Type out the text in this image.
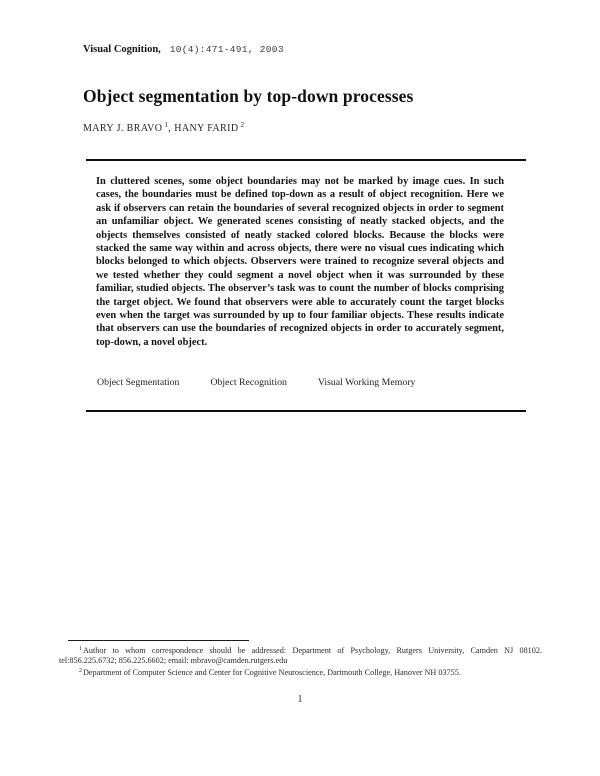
Visual Cognition, 10(4):471-491, 2003
Object segmentation by top-down processes
MARY J. BRAVO $^1$, HANY FARID $^2$

In cluttered scenes, some object boundaries may not be marked by image cues. In such cases, the boundaries must be defined top-down as a result of object recognition. Here we ask if observers can retain the boundaries of several recognized objects in order to segment an unfamiliar object. We generated scenes consisting of neatly stacked objects, and the objects themselves consisted of neatly stacked colored blocks. Because the blocks were stacked the same way within and across objects, there were no visual cues indicating which blocks belonged to which objects. Observers were trained to recognize several objects and we tested whether they could segment a novel object when it was surrounded by these familiar, studied objects. The observer’s task was to count the number of blocks comprising the target object. We found that observers were able to accurately count the target blocks even when the target was surrounded by up to four familiar objects. These results indicate that observers can use the boundaries of recognized objects in order to accurately segment, top-down, a novel object.

Object Segmentation	Object Recognition	Visual Working Memory

$^1$Author to whom correspondence should be addressed: Department of Psychology, Rutgers University, Camden NJ 08102. tel:856.225.6732; 856.225.6602; email: mbravo@camden.rutgers.edu

$^2$Department of Computer Science and Center for Cognitive Neuroscience, Dartmouth College, Hanover NH 03755.

1
